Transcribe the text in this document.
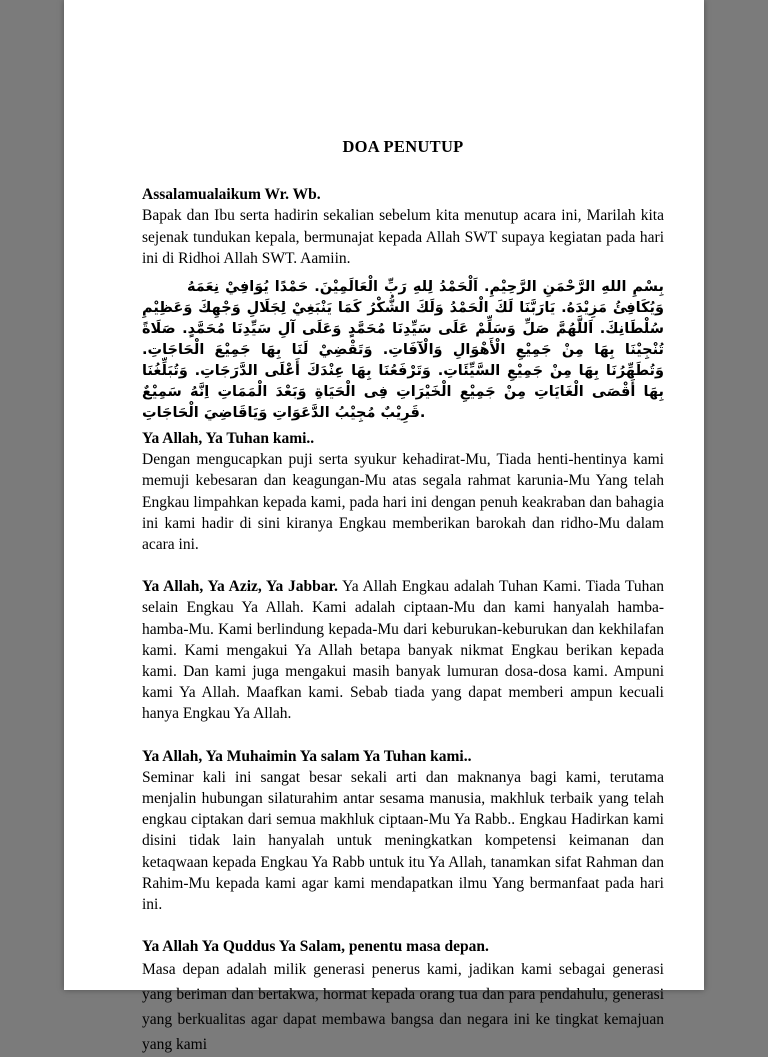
DOA PENUTUP

Assalamualaikum Wr. Wb.

Bapak dan Ibu serta hadirin sekalian sebelum kita menutup acara ini, Marilah kita sejenak tundukan kepala, bermunajat kepada Allah SWT supaya kegiatan pada hari ini di Ridhoi Allah SWT. Aamiin.

بِسْمِ اللهِ الرَّحْمَنِ الرَّحِيْمِ. اَلْحَمْدُ لِلهِ رَبِّ الْعَالَمِيْنَ. حَمْدًا يُوَافِيْ نِعَمَهُ وَيُكَافِئُ مَزِيْدَهُ. يَارَبَّنَا لَكَ الْحَمْدُ وَلَكَ الشُّكْرُ كَمَا يَنْبَغِيْ لِجَلَالِ وَجْهِكَ وَعَظِيْمِ سُلْطَانِكَ. اَللَّهُمَّ صَلِّ وَسَلِّمْ عَلَى سَيِّدِنَا مُحَمَّدٍ وَعَلَى آلِ سَيِّدِنَا مُحَمَّدٍ. صَلَاةً تُنْجِيْنَا بِهَا مِنْ جَمِيْعِ الْأَهْوَالِ وَالْآفَاتِ. وَتَقْضِيْ لَنَا بِهَا جَمِيْعَ الْحَاجَاتِ. وَتُطَهِّرُنَا بِهَا مِنْ جَمِيْعِ السَّيِّئَاتِ. وَتَرْفَعُنَا بِهَا عِنْدَكَ أَعْلَى الدَّرَجَاتِ. وَتُبَلِّغُنَا بِهَا أَقْصَى الْغَايَاتِ مِنْ جَمِيْعِ الْخَيْرَاتِ فِى الْحَيَاةِ وَبَعْدَ الْمَمَاتِ اِنَّهُ سَمِيْعٌ قَرِيْبٌ مُجِيْبُ الدَّعَوَاتِ وَيَاقَاضِيَ الْحَاجَاتِ.

Ya Allah, Ya Tuhan kami..

Dengan mengucapkan puji serta syukur kehadirat-Mu, Tiada henti-hentinya kami memuji kebesaran dan keagungan-Mu atas segala rahmat karunia-Mu Yang telah Engkau limpahkan kepada kami, pada hari ini dengan penuh keakraban dan bahagia ini kami hadir di sini kiranya Engkau memberikan barokah dan ridho-Mu dalam acara ini.

Ya Allah, Ya Aziz, Ya Jabbar. Ya Allah Engkau adalah Tuhan Kami. Tiada Tuhan selain Engkau Ya Allah. Kami adalah ciptaan-Mu dan kami hanyalah hamba-hamba-Mu. Kami berlindung kepada-Mu dari keburukan-keburukan dan kekhilafan kami. Kami mengakui Ya Allah betapa banyak nikmat Engkau berikan kepada kami. Dan kami juga mengakui masih banyak lumuran dosa-dosa kami. Ampuni kami Ya Allah. Maafkan kami. Sebab tiada yang dapat memberi ampun kecuali hanya Engkau Ya Allah.

Ya Allah, Ya Muhaimin Ya salam Ya Tuhan kami..

Seminar kali ini sangat besar sekali arti dan maknanya bagi kami, terutama menjalin hubungan silaturahim antar sesama manusia, makhluk terbaik yang telah engkau ciptakan dari semua makhluk ciptaan-Mu Ya Rabb.. Engkau Hadirkan kami disini tidak lain hanyalah untuk meningkatkan kompetensi keimanan dan ketaqwaan kepada Engkau Ya Rabb untuk itu Ya Allah, tanamkan sifat Rahman dan Rahim-Mu kepada kami agar kami mendapatkan ilmu Yang bermanfaat pada hari ini.

Ya Allah Ya Quddus Ya Salam, penentu masa depan.

Masa depan adalah milik generasi penerus kami, jadikan kami sebagai generasi yang beriman dan bertakwa, hormat kepada orang tua dan para pendahulu, generasi yang berkualitas agar dapat membawa bangsa dan negara ini ke tingkat kemajuan yang kami
